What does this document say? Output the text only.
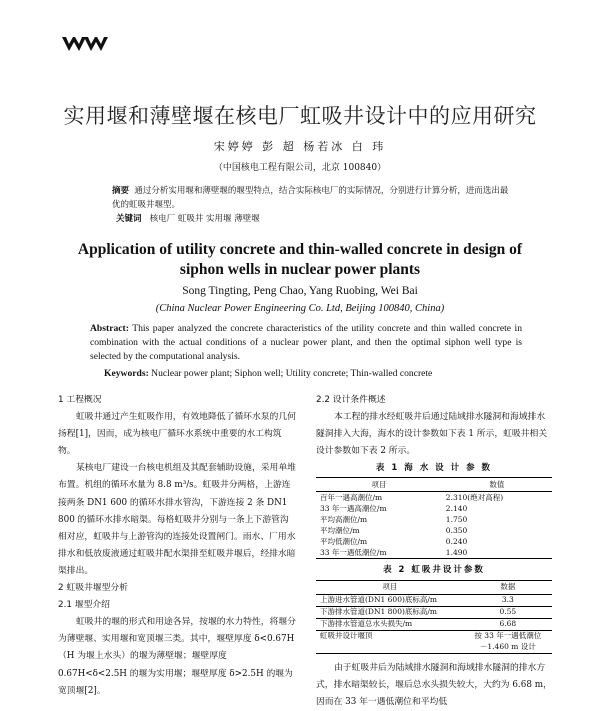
实用堰和薄壁堰在核电厂虹吸井设计中的应用研究
宋婷婷 彭 超 杨若冰 白 玮
（中国核电工程有限公司，北京 100840）
摘要 通过分析实用堰和薄壁堰的堰型特点，结合实际核电厂的实际情况，分别进行计算分析，进而选出最优的虹吸井堰型。
关键词 核电厂 虹吸井 实用堰 薄壁堰
Application of utility concrete and thin-walled concrete in design of siphon wells in nuclear power plants
Song Tingting, Peng Chao, Yang Ruobing, Wei Bai
(China Nuclear Power Engineering Co. Ltd, Beijing 100840, China)
Abstract: This paper analyzed the concrete characteristics of the utility concrete and thin walled concrete in combination with the actual conditions of a nuclear power plant, and then the optimal siphon well type is selected by the computational analysis.
Keywords: Nuclear power plant; Siphon well; Utility concrete; Thin-walled concrete
1 工程概况

虹吸井通过产生虹吸作用，有效地降低了循环水泵的几何扬程[1]，因而，成为核电厂循环水系统中重要的水工构筑物。

某核电厂建设一台核电机组及其配套辅助设施，采用单堆布置。机组的循环水量为 8.8 m³/s。虹吸井分两格，上游连接两条 DN1 600 的循环水排水管沟，下游连接 2 条 DN1 800 的循环水排水暗渠。每格虹吸井分别与一条上下游管沟相对应，虹吸井与上游管沟的连接处设置闸门。雨水、厂用水排水和低放废液通过虹吸井配水渠排至虹吸井堰后，经排水暗渠排出。

2 虹吸井堰型分析
2.1 堰型介绍

虹吸井的堰的形式和用途各异，按堰的水力特性，将堰分为薄壁堰、实用堰和宽顶堰三类。其中，堰壁厚度 δ<0.67H（H 为堰上水头）的堰为薄壁堰；堰壁厚度 0.67H<δ<2.5H 的堰为实用堰；堰壁厚度 δ>2.5H 的堰为宽顶堰[2]。

2.2 设计条件概述

本工程的排水经虹吸井后通过陆域排水隧洞和海域排水隧洞排入大海，海水的设计参数如下表 1 所示，虹吸井相关设计参数如下表 2 所示。

表 1 海 水 设 计 参 数
项目	数值
百年一遇高潮位/m	2.310(绝对高程)
33 年一遇高潮位/m	2.140
平均高潮位/m	1.750
平均潮位/m	0.350
平均低潮位/m	0.240
33 年一遇低潮位/m	1.490
表 2 虹吸井设计参数
项目	数据
上游进水管道(DN1 600)底标高/m	3.3
下游排水管道(DN1 800)底标高/m	0.55
下游排水管道总水头损失/m	6.68
虹吸井设计堰顶	按 33 年一遇低潮位
	－1.460 m 设计

由于虹吸井后为陆域排水隧洞和海域排水隧洞的排水方式，排水暗渠较长，堰后总水头损失较大，大约为 6.68 m，因而在 33 年一遇低潮位和平均低
